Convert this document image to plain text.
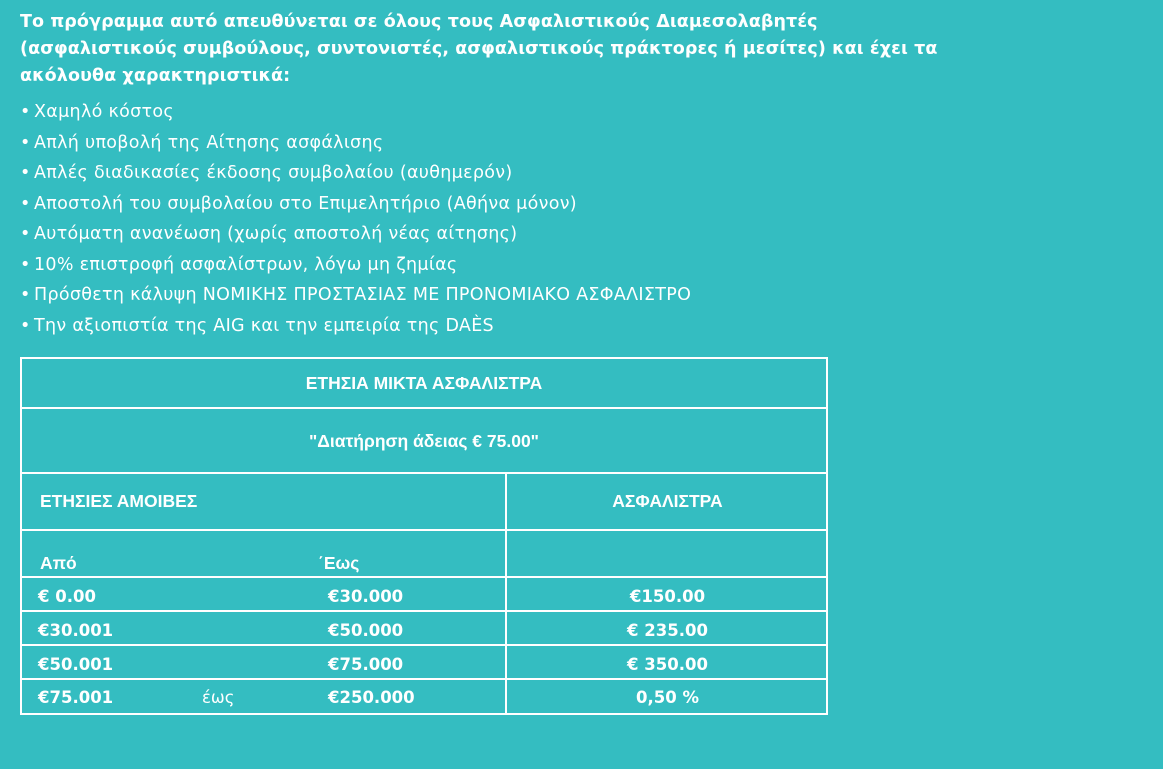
Το πρόγραμμα αυτό απευθύνεται σε όλους τους Ασφαλιστικούς Διαμεσολαβητές
(ασφαλιστικούς συμβούλους, συντονιστές, ασφαλιστικούς πράκτορες ή μεσίτες) και έχει τα
ακόλουθα χαρακτηριστικά:
• Χαμηλό κόστος
• Απλή υποβολή της Αίτησης ασφάλισης
• Απλές διαδικασίες έκδοσης συμβολαίου (αυθημερόν)
• Αποστολή του συμβολαίου στο Επιμελητήριο (Αθήνα μόνον)
• Αυτόματη ανανέωση (χωρίς αποστολή νέας αίτησης)
• 10% επιστροφή ασφαλίστρων, λόγω μη ζημίας
• Πρόσθετη κάλυψη ΝΟΜΙΚΗΣ ΠΡΟΣΤΑΣΙΑΣ ΜΕ ΠΡΟΝΟΜΙΑΚΟ ΑΣΦΑΛΙΣΤΡΟ
• Την αξιοπιστία της AIG και την εμπειρία της DAÈS
ΕΤΗΣΙΑ ΜΙΚΤΑ ΑΣΦΑΛΙΣΤΡΑ
"Διατήρηση άδειας € 75.00"
ΕΤΗΣΙΕΣ ΑΜΟΙΒΕΣ	ΑΣΦΑΛΙΣΤΡΑ
Από	΄Εως
€ 0.00	€30.000	€150.00
€30.001	€50.000	€ 235.00
€50.001	€75.000	€ 350.00
€75.001	έως	€250.000	0,50 %
